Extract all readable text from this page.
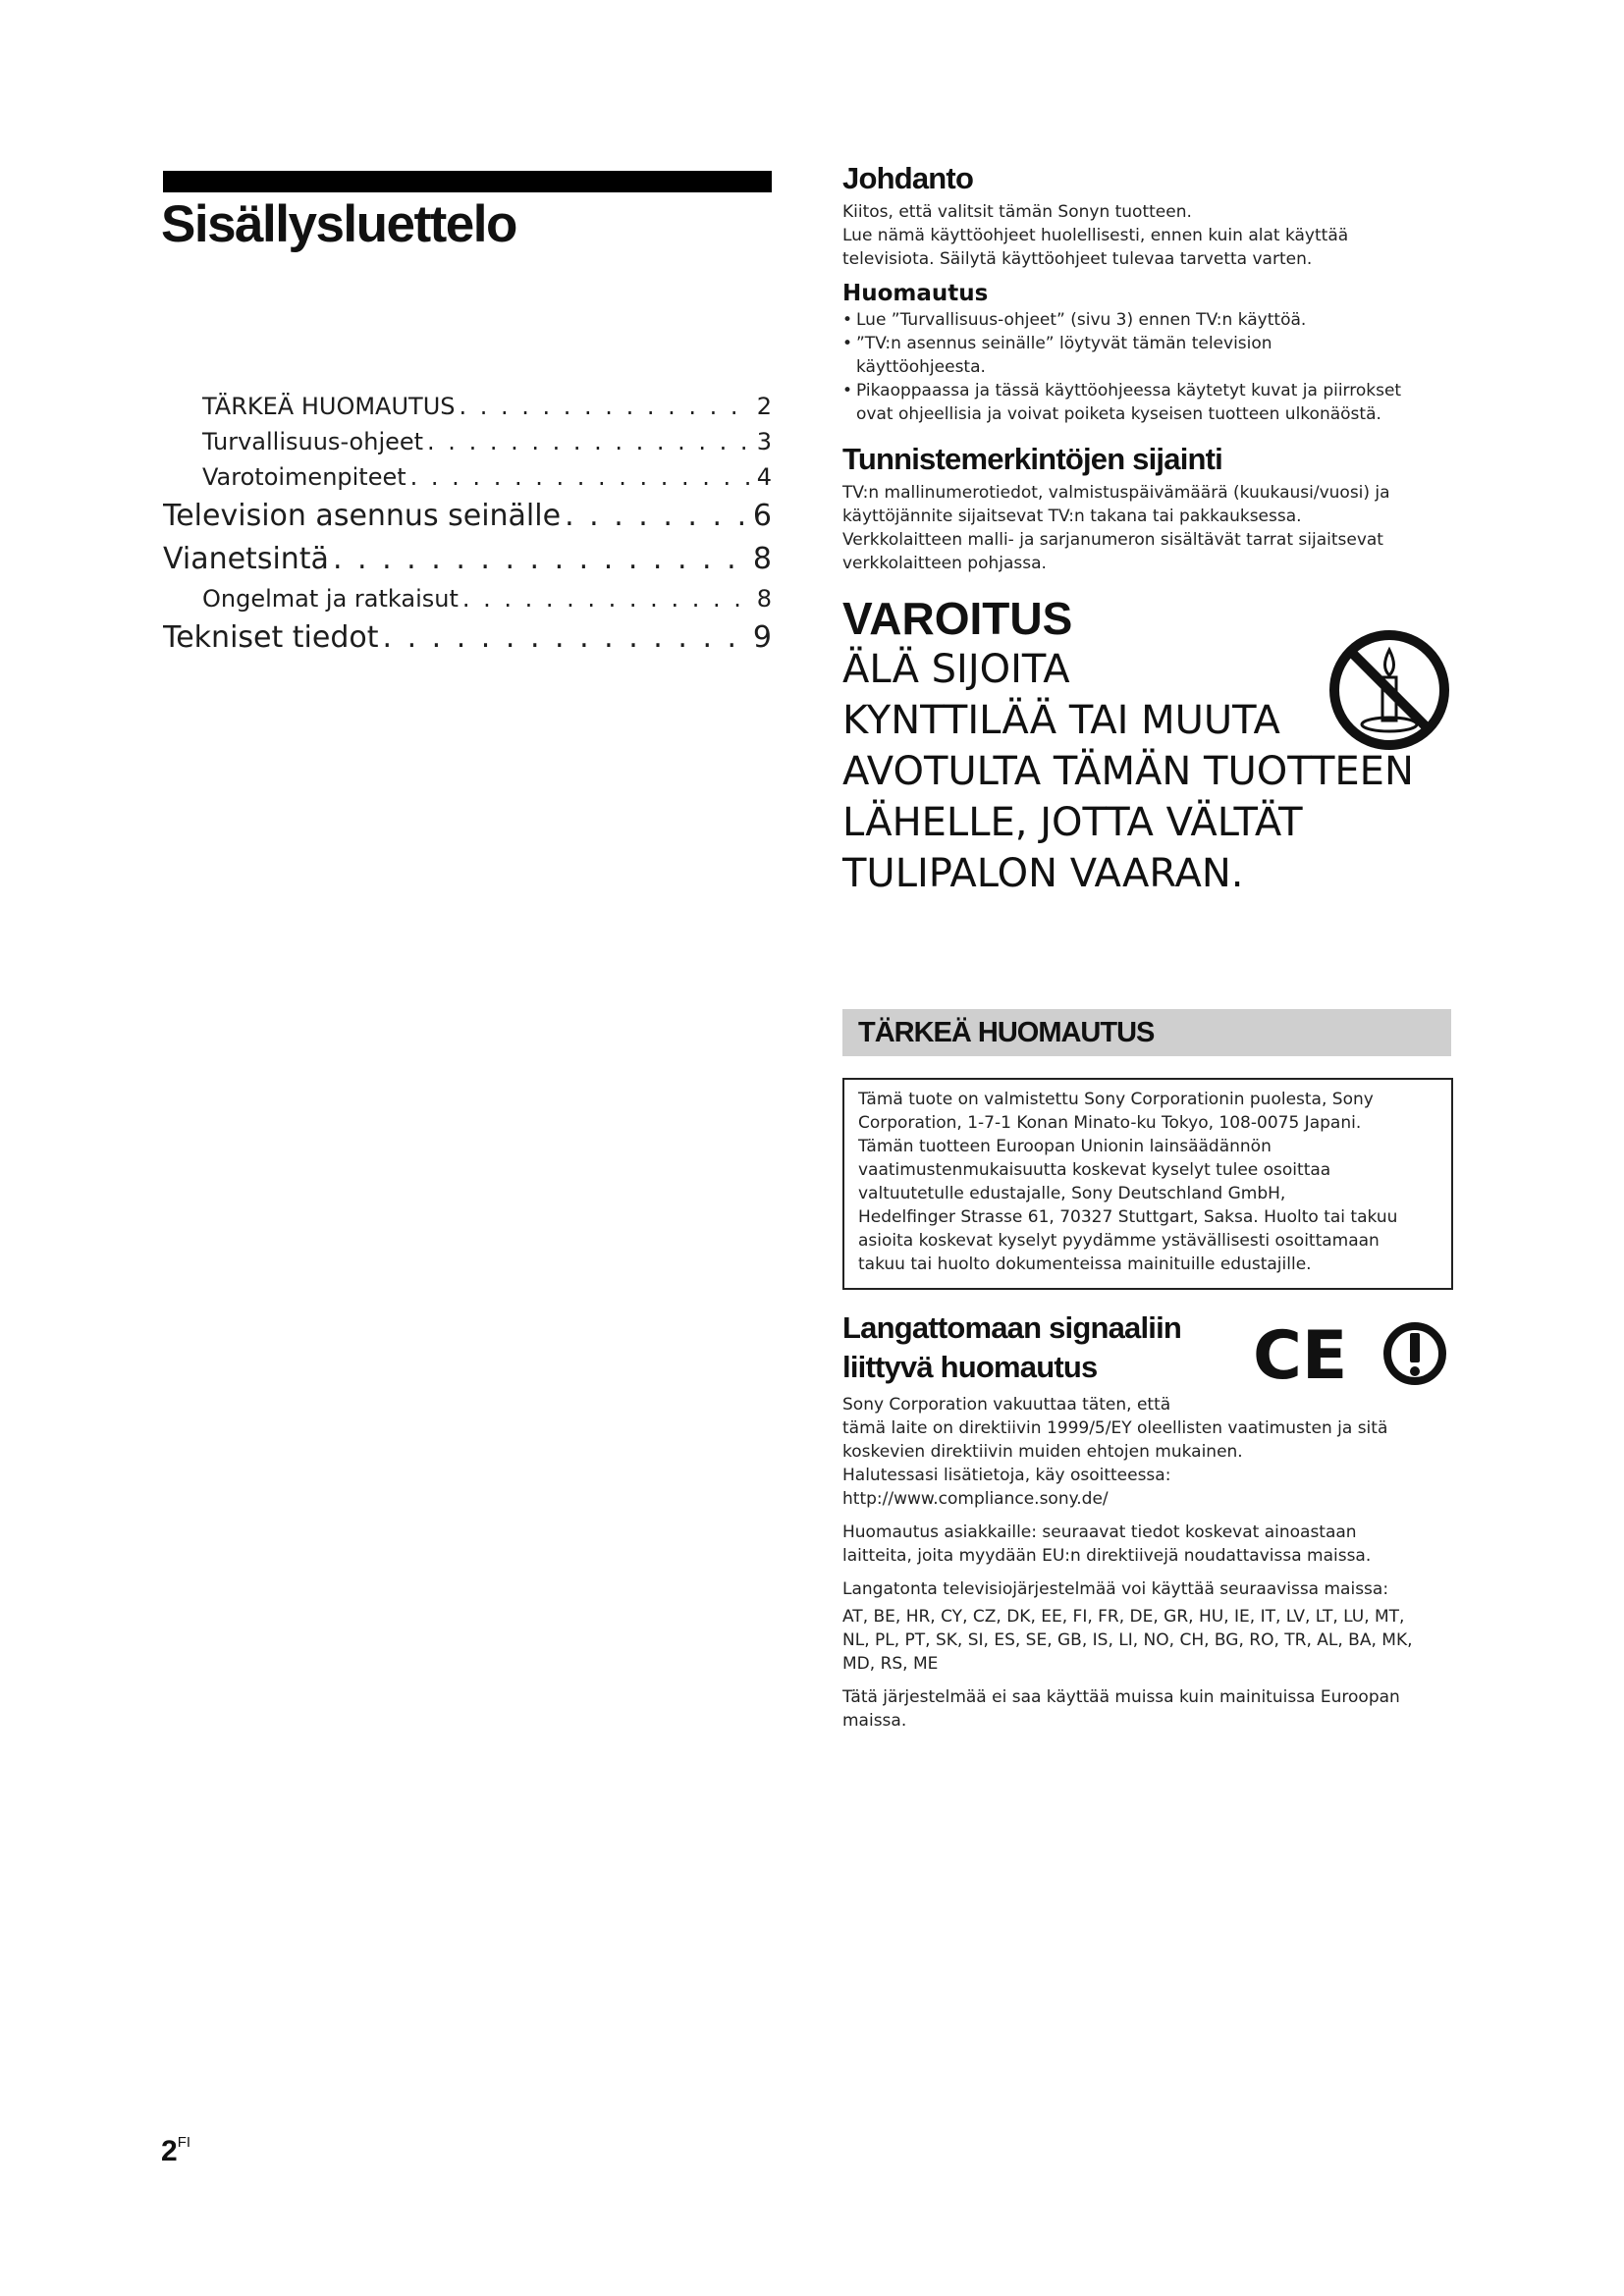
Sisällysluettelo
TÄRKEÄ HUOMAUTUS . . .	2
Turvallisuus-ohjeet . . .	3
Varotoimenpiteet . . .	4
Television asennus seinälle . . .	6
Vianetsintä . . .	8
Ongelmat ja ratkaisut . . .	8
Tekniset tiedot . . .	9
Johdanto

Kiitos, että valitsit tämän Sonyn tuotteen.

Lue nämä käyttöohjeet huolellisesti, ennen kuin alat käyttää

televisiota. Säilytä käyttöohjeet tulevaa tarvetta varten.

Huomautus
• Lue ”Turvallisuus-ohjeet” (sivu 3) ennen TV:n käyttöä.
• ”TV:n asennus seinälle” löytyvät tämän television
käyttöohjeesta.
• Pikaoppaassa ja tässä käyttöohjeessa käytetyt kuvat ja piirrokset
ovat ohjeellisia ja voivat poiketa kyseisen tuotteen ulkonäöstä.
Tunnistemerkintöjen sijainti

TV:n mallinumerotiedot, valmistuspäivämäärä (kuukausi/vuosi) ja

käyttöjännite sijaitsevat TV:n takana tai pakkauksessa.

Verkkolaitteen malli- ja sarjanumeron sisältävät tarrat sijaitsevat

verkkolaitteen pohjassa.

VAROITUS

ÄLÄ SIJOITA

KYNTTILÄÄ TAI MUUTA

AVOTULTA TÄMÄN TUOTTEEN

LÄHELLE, JOTTA VÄLTÄT

TULIPALON VAARAN.

TÄRKEÄ HUOMAUTUS

Tämä tuote on valmistettu Sony Corporationin puolesta, Sony

Corporation, 1-7-1 Konan Minato-ku Tokyo, 108-0075 Japani.

Tämän tuotteen Euroopan Unionin lainsäädännön

vaatimustenmukaisuutta koskevat kyselyt tulee osoittaa

valtuutetulle edustajalle, Sony Deutschland GmbH,

Hedelfinger Strasse 61, 70327 Stuttgart, Saksa. Huolto tai takuu

asioita koskevat kyselyt pyydämme ystävällisesti osoittamaan

takuu tai huolto dokumenteissa mainituille edustajille.

Langattomaan signaaliin
liittyvä huomautus	CE

Sony Corporation vakuuttaa täten, että

tämä laite on direktiivin 1999/5/EY oleellisten vaatimusten ja sitä

koskevien direktiivin muiden ehtojen mukainen.

Halutessasi lisätietoja, käy osoitteessa:

http://www.compliance.sony.de/

Huomautus asiakkaille: seuraavat tiedot koskevat ainoastaan

laitteita, joita myydään EU:n direktiivejä noudattavissa maissa.

Langatonta televisiojärjestelmää voi käyttää seuraavissa maissa:

AT, BE, HR, CY, CZ, DK, EE, FI, FR, DE, GR, HU, IE, IT, LV, LT, LU, MT,

NL, PL, PT, SK, SI, ES, SE, GB, IS, LI, NO, CH, BG, RO, TR, AL, BA, MK,

MD, RS, ME

Tätä järjestelmää ei saa käyttää muissa kuin mainituissa Euroopan

maissa.

$2^{FI}$
